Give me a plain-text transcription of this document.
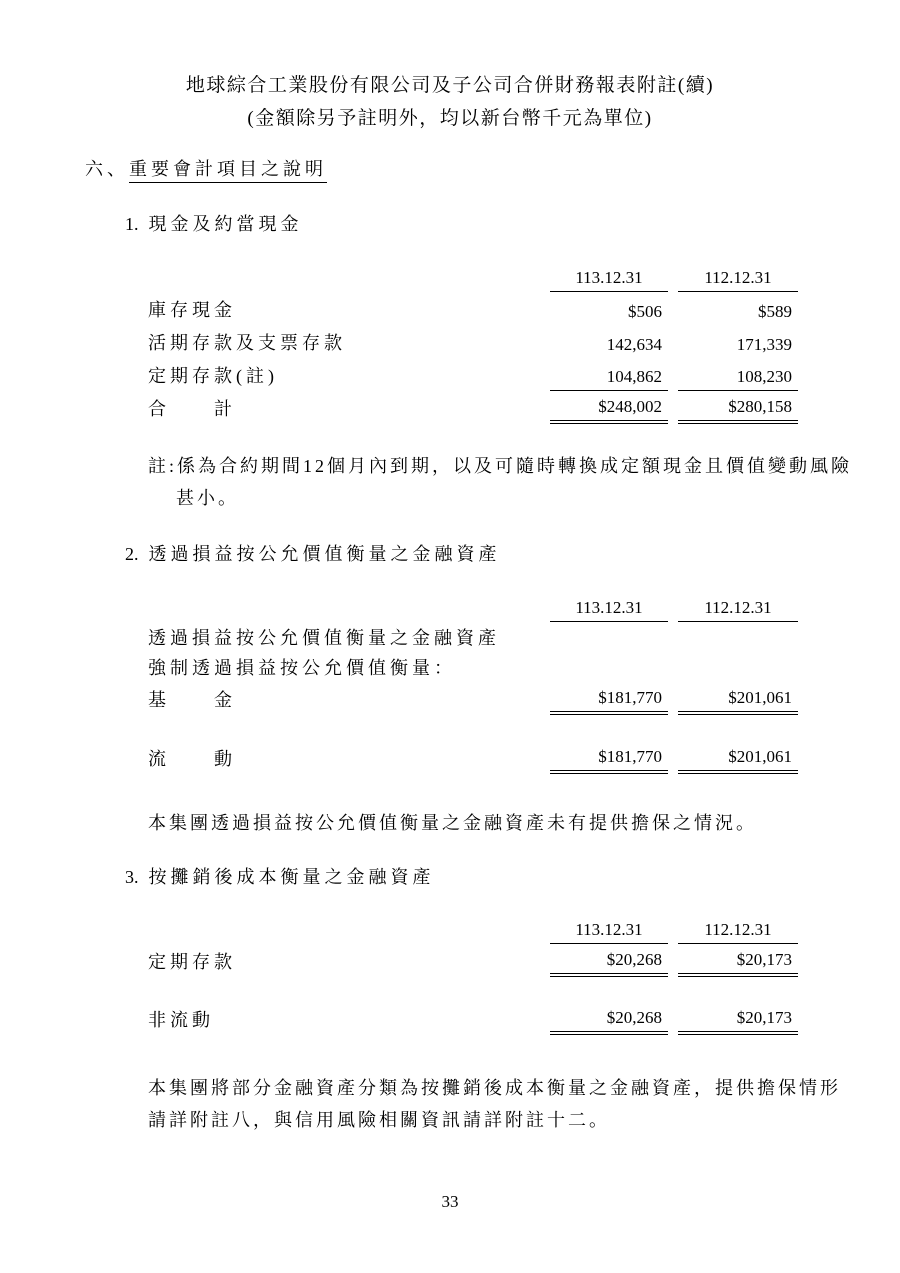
地球綜合工業股份有限公司及子公司合併財務報表附註(續)
(金額除另予註明外，均以新台幣千元為單位)
六、重要會計項目之說明
1. 現金及約當現金
113.12.31	112.12.31
庫存現金	$506	$589
活期存款及支票存款	142,634	171,339
定期存款(註)	104,862	108,230
合　　計	$248,002	$280,158
註:係為合約期間12個月內到期，以及可隨時轉換成定額現金且價值變動風險
甚小。
2. 透過損益按公允價值衡量之金融資產
113.12.31	112.12.31
透過損益按公允價值衡量之金融資產
強制透過損益按公允價值衡量：
基　　金	$181,770	$201,061
流　　動	$181,770	$201,061
本集團透過損益按公允價值衡量之金融資產未有提供擔保之情況。
3. 按攤銷後成本衡量之金融資產
113.12.31	112.12.31
定期存款	$20,268	$20,173
非流動	$20,268	$20,173
本集團將部分金融資產分類為按攤銷後成本衡量之金融資產，提供擔保情形
請詳附註八，與信用風險相關資訊請詳附註十二。
33
